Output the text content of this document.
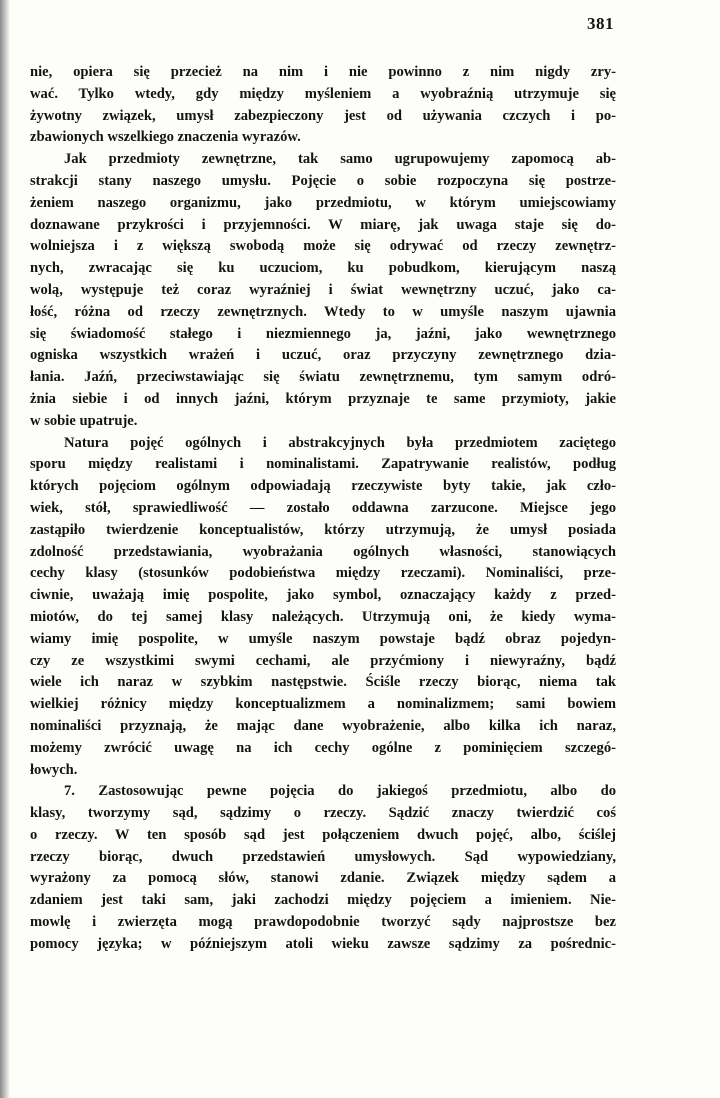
381
nie, opiera się przecież na nim i nie powinno z nim nigdy zry-
wać. Tylko wtedy, gdy między myśleniem a wyobraźnią utrzymuje się
żywotny związek, umysł zabezpieczony jest od używania czczych i po-
zbawionych wszelkiego znaczenia wyrazów.
Jak przedmioty zewnętrzne, tak samo ugrupowujemy zapomocą ab-
strakcji stany naszego umysłu. Pojęcie o sobie rozpoczyna się postrze-
żeniem naszego organizmu, jako przedmiotu, w którym umiejscowiamy
doznawane przykrości i przyjemności. W miarę, jak uwaga staje się do-
wolniejsza i z większą swobodą może się odrywać od rzeczy zewnętrz-
nych, zwracając się ku uczuciom, ku pobudkom, kierującym naszą
wolą, występuje też coraz wyraźniej i świat wewnętrzny uczuć, jako ca-
łość, różna od rzeczy zewnętrznych. Wtedy to w umyśle naszym ujawnia
się świadomość stałego i niezmiennego ja, jaźni, jako wewnętrznego
ogniska wszystkich wrażeń i uczuć, oraz przyczyny zewnętrznego dzia-
łania. Jaźń, przeciwstawiając się światu zewnętrznemu, tym samym odró-
żnia siebie i od innych jaźni, którym przyznaje te same przymioty, jakie
w sobie upatruje.
Natura pojęć ogólnych i abstrakcyjnych była przedmiotem zaciętego
sporu między realistami i nominalistami. Zapatrywanie realistów, podług
których pojęciom ogólnym odpowiadają rzeczywiste byty takie, jak czło-
wiek, stół, sprawiedliwość — zostało oddawna zarzucone. Miejsce jego
zastąpiło twierdzenie konceptualistów, którzy utrzymują, że umysł posiada
zdolność przedstawiania, wyobrażania ogólnych własności, stanowiących
cechy klasy (stosunków podobieństwa między rzeczami). Nominaliści, prze-
ciwnie, uważają imię pospolite, jako symbol, oznaczający każdy z przed-
miotów, do tej samej klasy należących. Utrzymują oni, że kiedy wyma-
wiamy imię pospolite, w umyśle naszym powstaje bądź obraz pojedyn-
czy ze wszystkimi swymi cechami, ale przyćmiony i niewyraźny, bądź
wiele ich naraz w szybkim następstwie. Ściśle rzeczy biorąc, niema tak
wielkiej różnicy między konceptualizmem a nominalizmem; sami bowiem
nominaliści przyznają, że mając dane wyobrażenie, albo kilka ich naraz,
możemy zwrócić uwagę na ich cechy ogólne z pominięciem szczegó-
łowych.
7. Zastosowując pewne pojęcia do jakiegoś przedmiotu, albo do
klasy, tworzymy sąd, sądzimy o rzeczy. Sądzić znaczy twierdzić coś
o rzeczy. W ten sposób sąd jest połączeniem dwuch pojęć, albo, ściślej
rzeczy biorąc, dwuch przedstawień umysłowych. Sąd wypowiedziany,
wyrażony za pomocą słów, stanowi zdanie. Związek między sądem a
zdaniem jest taki sam, jaki zachodzi między pojęciem a imieniem. Nie-
mowlę i zwierzęta mogą prawdopodobnie tworzyć sądy najprostsze bez
pomocy języka; w późniejszym atoli wieku zawsze sądzimy za pośrednic-
